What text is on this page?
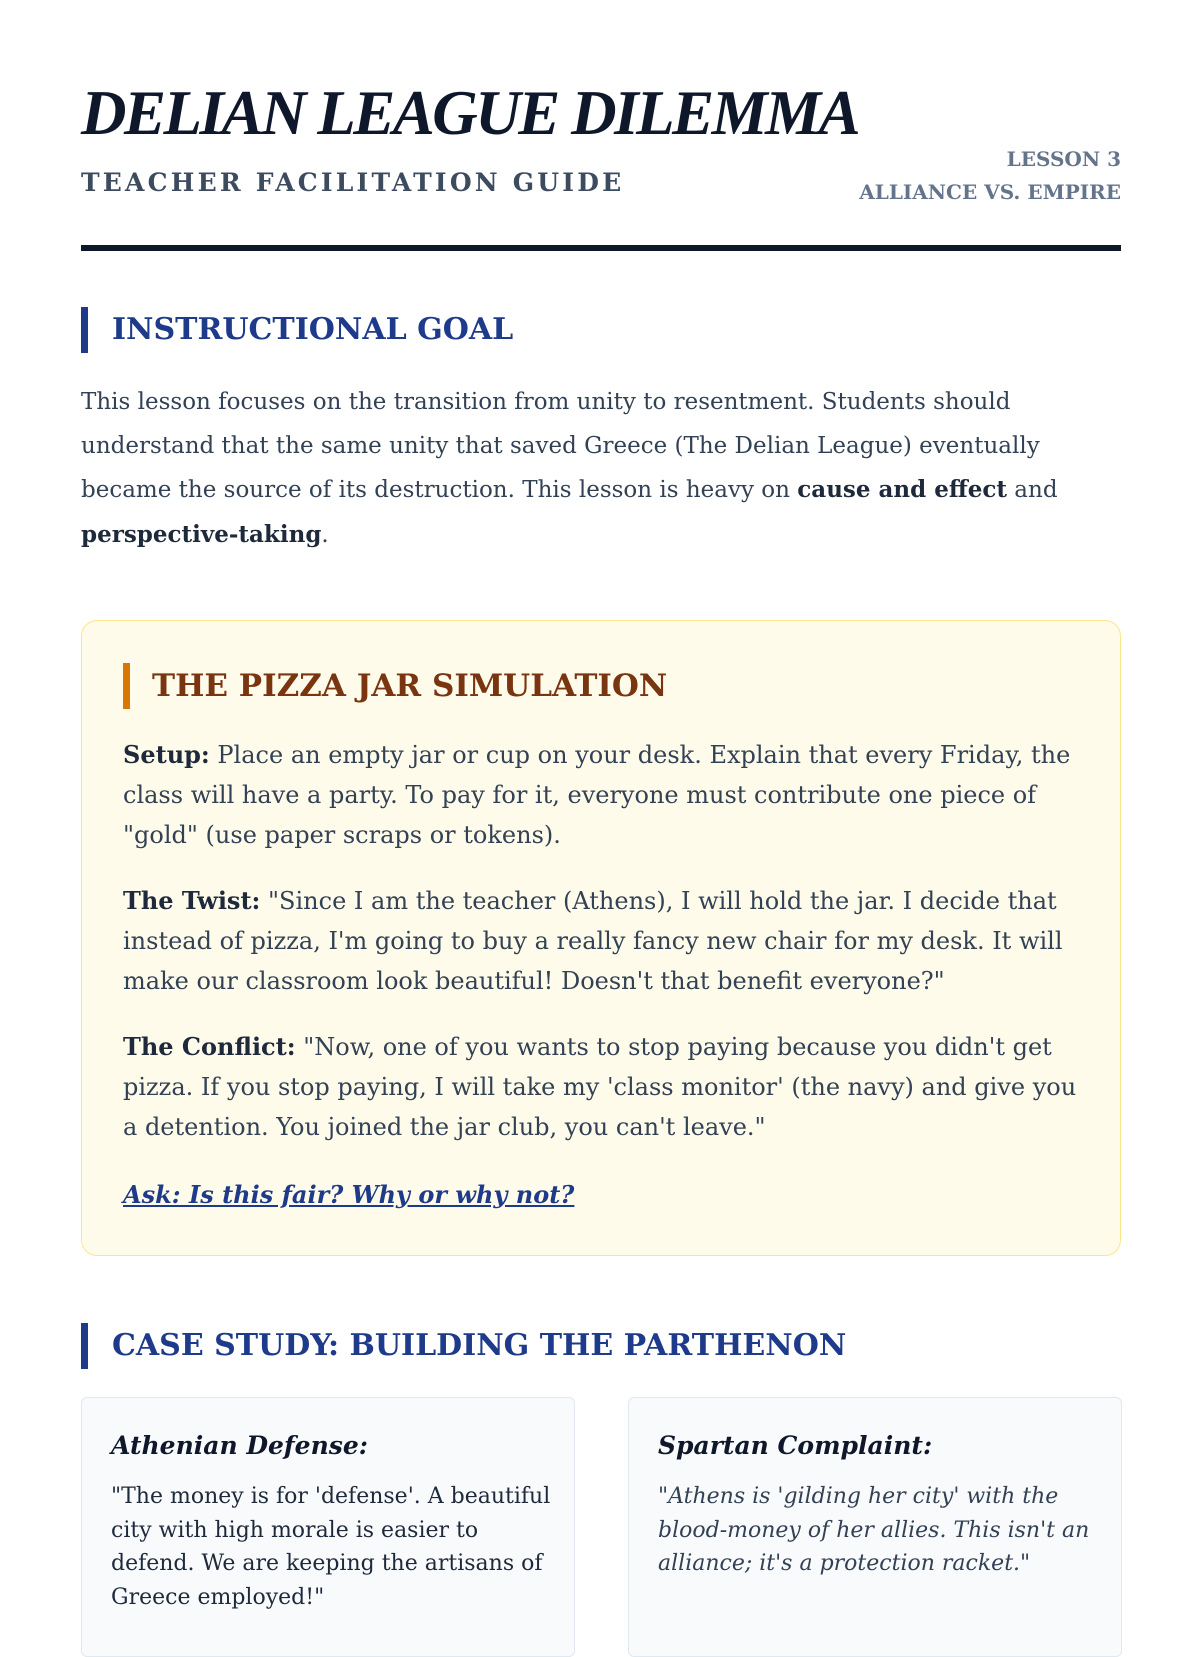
DELIAN LEAGUE DILEMMA
TEACHER FACILITATION GUIDE
LESSON 3
ALLIANCE VS. EMPIRE
INSTRUCTIONAL GOAL

This lesson focuses on the transition from unity to resentment. Students should understand that the same unity that saved Greece (The Delian League) eventually became the source of its destruction. This lesson is heavy on cause and effect and perspective-taking.

THE PIZZA JAR SIMULATION

Setup: Place an empty jar or cup on your desk. Explain that every Friday, the class will have a party. To pay for it, everyone must contribute one piece of "gold" (use paper scraps or tokens).

The Twist: "Since I am the teacher (Athens), I will hold the jar. I decide that instead of pizza, I'm going to buy a really fancy new chair for my desk. It will make our classroom look beautiful! Doesn't that benefit everyone?"

The Conflict: "Now, one of you wants to stop paying because you didn't get pizza. If you stop paying, I will take my 'class monitor' (the navy) and give you a detention. You joined the jar club, you can't leave."

Ask: Is this fair? Why or why not?
CASE STUDY: BUILDING THE PARTHENON
Athenian Defense:

"The money is for 'defense'. A beautiful city with high morale is easier to defend. We are keeping the artisans of Greece employed!"

Spartan Complaint:

"Athens is 'gilding her city' with the blood-money of her allies. This isn't an alliance; it's a protection racket."
